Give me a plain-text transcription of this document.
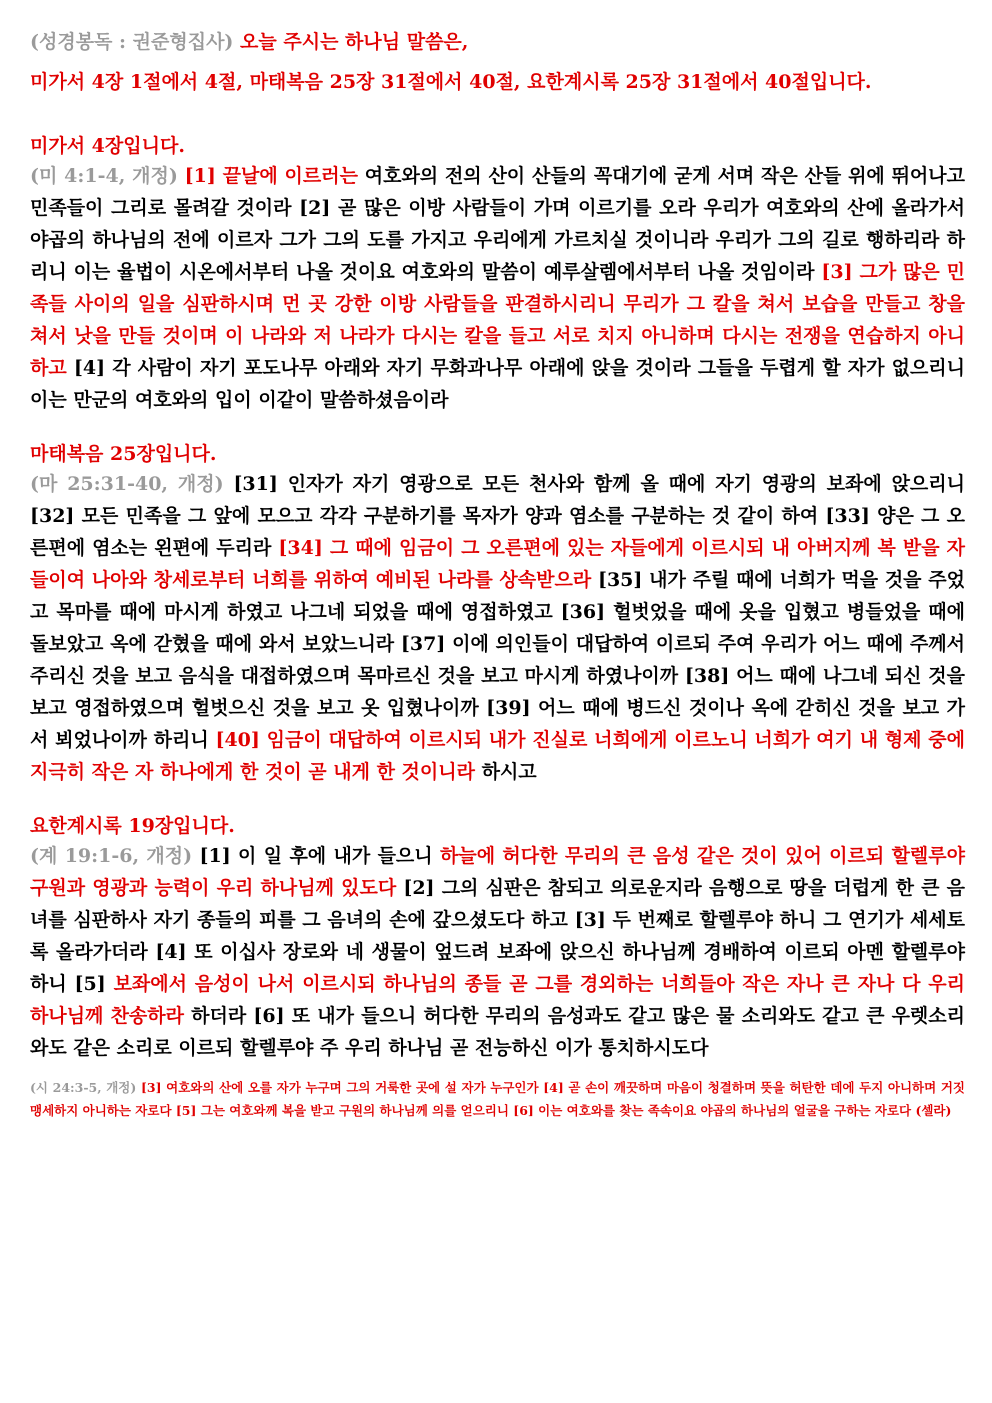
(성경봉독 : 권준형집사) 오늘 주시는 하나님 말씀은,
미가서 4장 1절에서 4절, 마태복음 25장 31절에서 40절, 요한계시록 25장 31절에서 40절입니다.
미가서 4장입니다.

(미 4:1-4, 개정) [1] 끝날에 이르러는 여호와의 전의 산이 산들의 꼭대기에 굳게 서며 작은 산들 위에 뛰어나고 민족들이 그리로 몰려갈 것이라 [2] 곧 많은 이방 사람들이 가며 이르기를 오라 우리가 여호와의 산에 올라가서 야곱의 하나님의 전에 이르자 그가 그의 도를 가지고 우리에게 가르치실 것이니라 우리가 그의 길로 행하리라 하리니 이는 율법이 시온에서부터 나올 것이요 여호와의 말씀이 예루살렘에서부터 나올 것임이라 [3] 그가 많은 민족들 사이의 일을 심판하시며 먼 곳 강한 이방 사람들을 판결하시리니 무리가 그 칼을 쳐서 보습을 만들고 창을 쳐서 낫을 만들 것이며 이 나라와 저 나라가 다시는 칼을 들고 서로 치지 아니하며 다시는 전쟁을 연습하지 아니하고 [4] 각 사람이 자기 포도나무 아래와 자기 무화과나무 아래에 앉을 것이라 그들을 두렵게 할 자가 없으리니 이는 만군의 여호와의 입이 이같이 말씀하셨음이라

마태복음 25장입니다.

(마 25:31-40, 개정) [31] 인자가 자기 영광으로 모든 천사와 함께 올 때에 자기 영광의 보좌에 앉으리니 [32] 모든 민족을 그 앞에 모으고 각각 구분하기를 목자가 양과 염소를 구분하는 것 같이 하여 [33] 양은 그 오른편에 염소는 왼편에 두리라 [34] 그 때에 임금이 그 오른편에 있는 자들에게 이르시되 내 아버지께 복 받을 자들이여 나아와 창세로부터 너희를 위하여 예비된 나라를 상속받으라 [35] 내가 주릴 때에 너희가 먹을 것을 주었고 목마를 때에 마시게 하였고 나그네 되었을 때에 영접하였고 [36] 헐벗었을 때에 옷을 입혔고 병들었을 때에 돌보았고 옥에 갇혔을 때에 와서 보았느니라 [37] 이에 의인들이 대답하여 이르되 주여 우리가 어느 때에 주께서 주리신 것을 보고 음식을 대접하였으며 목마르신 것을 보고 마시게 하였나이까 [38] 어느 때에 나그네 되신 것을 보고 영접하였으며 헐벗으신 것을 보고 옷 입혔나이까 [39] 어느 때에 병드신 것이나 옥에 갇히신 것을 보고 가서 뵈었나이까 하리니 [40] 임금이 대답하여 이르시되 내가 진실로 너희에게 이르노니 너희가 여기 내 형제 중에 지극히 작은 자 하나에게 한 것이 곧 내게 한 것이니라 하시고

요한계시록 19장입니다.

(계 19:1-6, 개정) [1] 이 일 후에 내가 들으니 하늘에 허다한 무리의 큰 음성 같은 것이 있어 이르되 할렐루야 구원과 영광과 능력이 우리 하나님께 있도다 [2] 그의 심판은 참되고 의로운지라 음행으로 땅을 더럽게 한 큰 음녀를 심판하사 자기 종들의 피를 그 음녀의 손에 갚으셨도다 하고 [3] 두 번째로 할렐루야 하니 그 연기가 세세토록 올라가더라 [4] 또 이십사 장로와 네 생물이 엎드려 보좌에 앉으신 하나님께 경배하여 이르되 아멘 할렐루야 하니 [5] 보좌에서 음성이 나서 이르시되 하나님의 종들 곧 그를 경외하는 너희들아 작은 자나 큰 자나 다 우리 하나님께 찬송하라 하더라 [6] 또 내가 들으니 허다한 무리의 음성과도 같고 많은 물 소리와도 같고 큰 우렛소리와도 같은 소리로 이르되 할렐루야 주 우리 하나님 곧 전능하신 이가 통치하시도다

(시 24:3-5, 개정) [3] 여호와의 산에 오를 자가 누구며 그의 거룩한 곳에 설 자가 누구인가 [4] 곧 손이 깨끗하며 마음이 청결하며 뜻을 허탄한 데에 두지 아니하며 거짓 맹세하지 아니하는 자로다 [5] 그는 여호와께 복을 받고 구원의 하나님께 의를 얻으리니 [6] 이는 여호와를 찾는 족속이요 야곱의 하나님의 얼굴을 구하는 자로다 (셀라)
